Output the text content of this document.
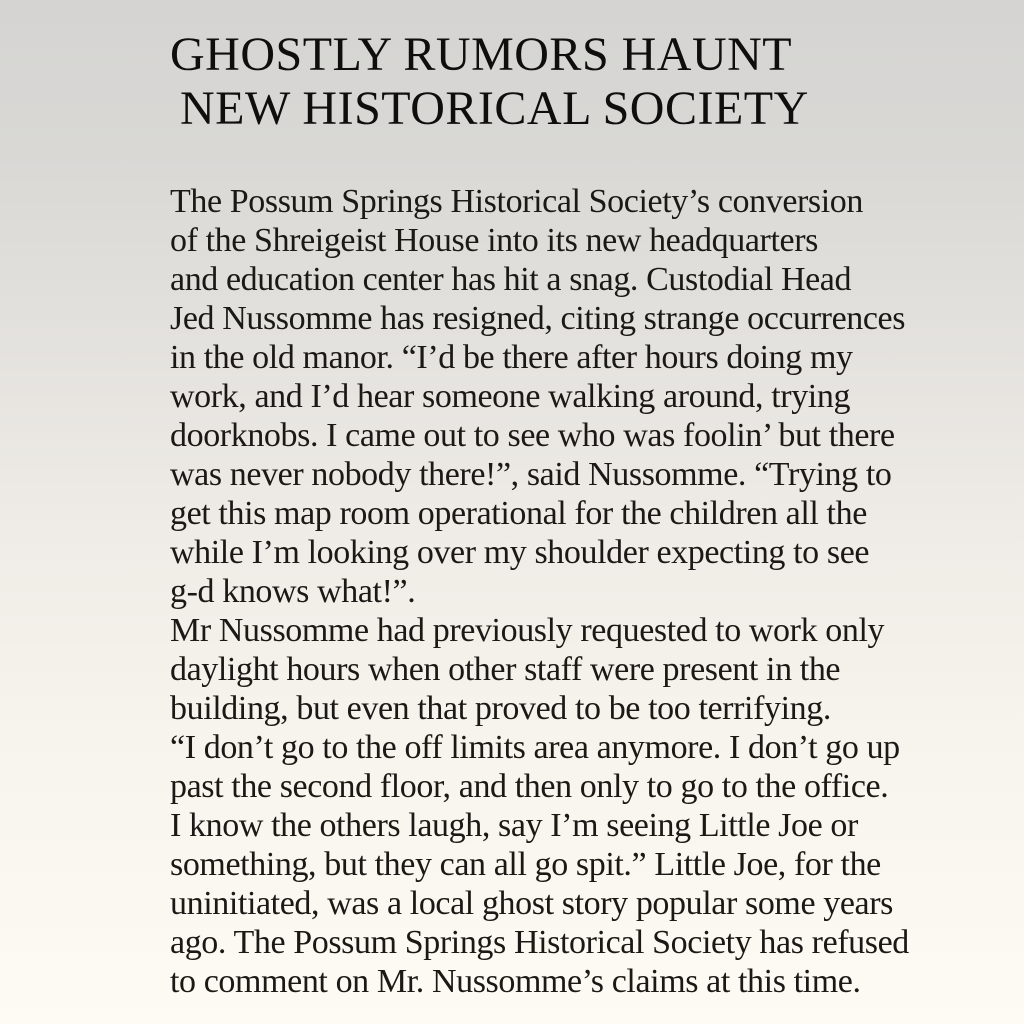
GHOSTLY RUMORS HAUNT
NEW HISTORICAL SOCIETY
The Possum Springs Historical Society’s conversion
of the Shreigeist House into its new headquarters
and education center has hit a snag. Custodial Head
Jed Nussomme has resigned, citing strange occurrences
in the old manor. “I’d be there after hours doing my
work, and I’d hear someone walking around, trying
doorknobs. I came out to see who was foolin’ but there
was never nobody there!”, said Nussomme. “Trying to
get this map room operational for the children all the
while I’m looking over my shoulder expecting to see
g-d knows what!”.
Mr Nussomme had previously requested to work only
daylight hours when other staff were present in the
building, but even that proved to be too terrifying.
“I don’t go to the off limits area anymore. I don’t go up
past the second floor, and then only to go to the office.
I know the others laugh, say I’m seeing Little Joe or
something, but they can all go spit.” Little Joe, for the
uninitiated, was a local ghost story popular some years
ago. The Possum Springs Historical Society has refused
to comment on Mr. Nussomme’s claims at this time.
